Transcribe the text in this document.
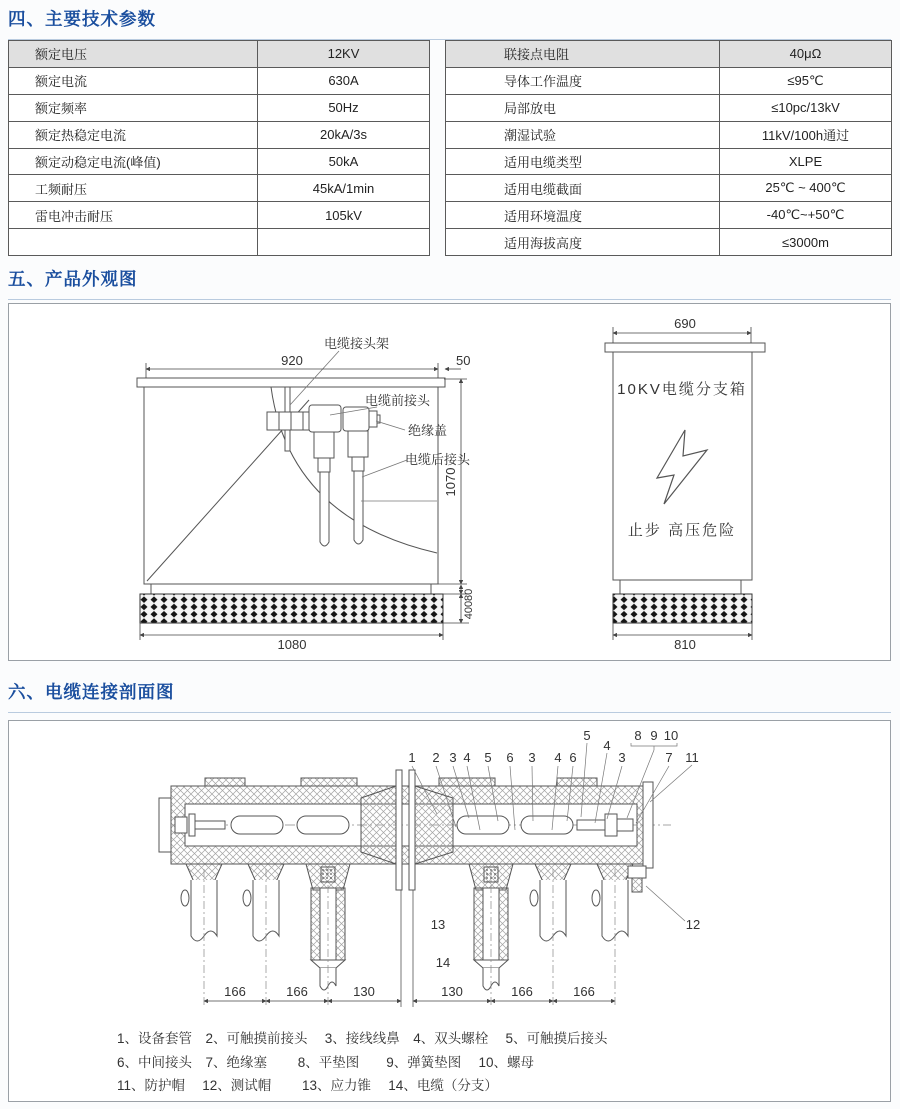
四、主要技术参数
额定电压	12KV
额定电流	630A
额定频率	50Hz
额定热稳定电流	20kA/3s
额定动稳定电流(峰值)	50kA
工频耐压	45kA/1min
雷电冲击耐压	105kV

联接点电阻	40μΩ
导体工作温度	≤95℃
局部放电	≤10pc/13kV
潮湿试验	11kV/100h通过
适用电缆类型	XLPE
适用电缆截面	25℃ ~ 400℃
适用环境温度	-40℃~+50℃
适用海拔高度	≤3000m
五、产品外观图
电缆接头架
电缆前接头
绝缘盖
电缆后接头
920	50
1070
40080
1080
10KV电缆分支箱
止步 高压危险
690
810
六、电缆连接剖面图
1 2 3 4 5 6 3 4 6
5
4
3
8 9 10
7 11
12
13
14
166	166	130	130	166	166
1、设备套管　2、可触摸前接头　 3、接线线鼻　4、双头螺栓　 5、可触摸后接头
6、中间接头　7、绝缘塞　　 8、平垫图　　9、弹簧垫图　 10、螺母
11、防护帽　 12、测试帽　　 13、应力锥　 14、电缆（分支）
